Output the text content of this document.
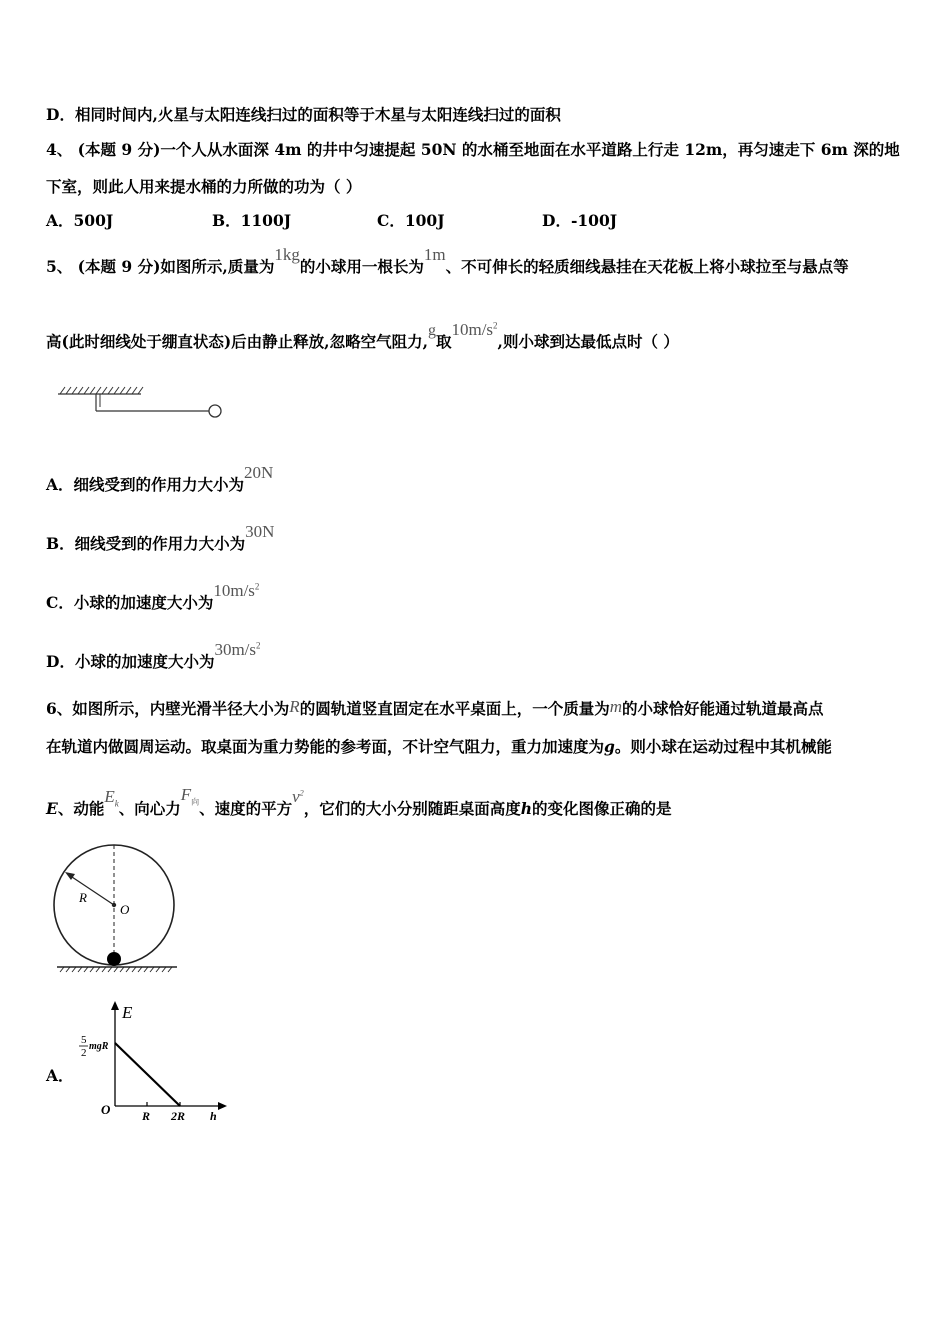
D．相同时间内,火星与太阳连线扫过的面积等于木星与太阳连线扫过的面积
4、 (本题 9 分)一个人从水面深 4m 的井中匀速提起 50N 的水桶至地面在水平道路上行走 12m，再匀速走下 6m 深的地
下室，则此人用来提水桶的力所做的功为（ ）
A．500J	B．1100J	C．100J	D．-100J
5、 (本题 9 分)如图所示,质量为1kg的小球用一根长为1m、不可伸长的轻质细线悬挂在天花板上将小球拉至与悬点等
高(此时细线处于绷直状态)后由静止释放,忽略空气阻力,g取$10m/s^2$,则小球到达最低点时（ ）
A．细线受到的作用力大小为20N
B．细线受到的作用力大小为30N
C．小球的加速度大小为$10m/s^2$
D．小球的加速度大小为$30m/s^2$
6、如图所示，内壁光滑半径大小为R的圆轨道竖直固定在水平桌面上，一个质量为m的小球恰好能通过轨道最高点
在轨道内做圆周运动。取桌面为重力势能的参考面，不计空气阻力，重力加速度为g。则小球在运动过程中其机械能
E、动能$E_k$、向心力$F_向$、速度的平方$v^2$，它们的大小分别随距桌面高度h的变化图像正确的是
R
O
A．
E
5
2
mgR
O	R 2R h
